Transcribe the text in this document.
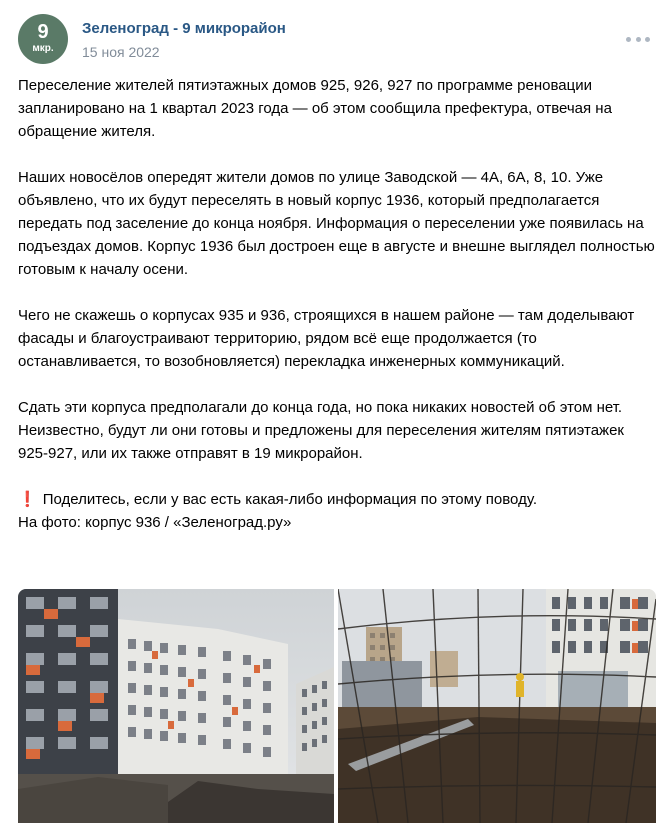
9
мкр.
Зеленоград - 9 микрорайон
15 ноя 2022

Переселение жителей пятиэтажных домов 925, 926, 927 по программе реновации запланировано на 1 квартал 2023 года — об этом сообщила префектура, отвечая на обращение жителя.

Наших новосёлов опередят жители домов по улице Заводской — 4А, 6А, 8, 10. Уже объявлено, что их будут переселять в новый корпус 1936, который предполагается передать под заселение до конца ноября. Информация о переселении уже появилась на подъездах домов. Корпус 1936 был достроен еще в августе и внешне выглядел полностью готовым к началу осени.

Чего не скажешь о корпусах 935 и 936, строящихся в нашем районе — там доделывают фасады и благоустраивают территорию, рядом всё еще продолжается (то останавливается, то возобновляется) перекладка инженерных коммуникаций.

Сдать эти корпуса предполагали до конца года, но пока никаких новостей об этом нет. Неизвестно, будут ли они готовы и предложены для переселения жителям пятиэтажек 925-927, или их также отправят в 19 микрорайон.

❗ Поделитесь, если у вас есть какая-либо информация по этому поводу.

На фото: корпус 936 / «Зеленоград.ру»
